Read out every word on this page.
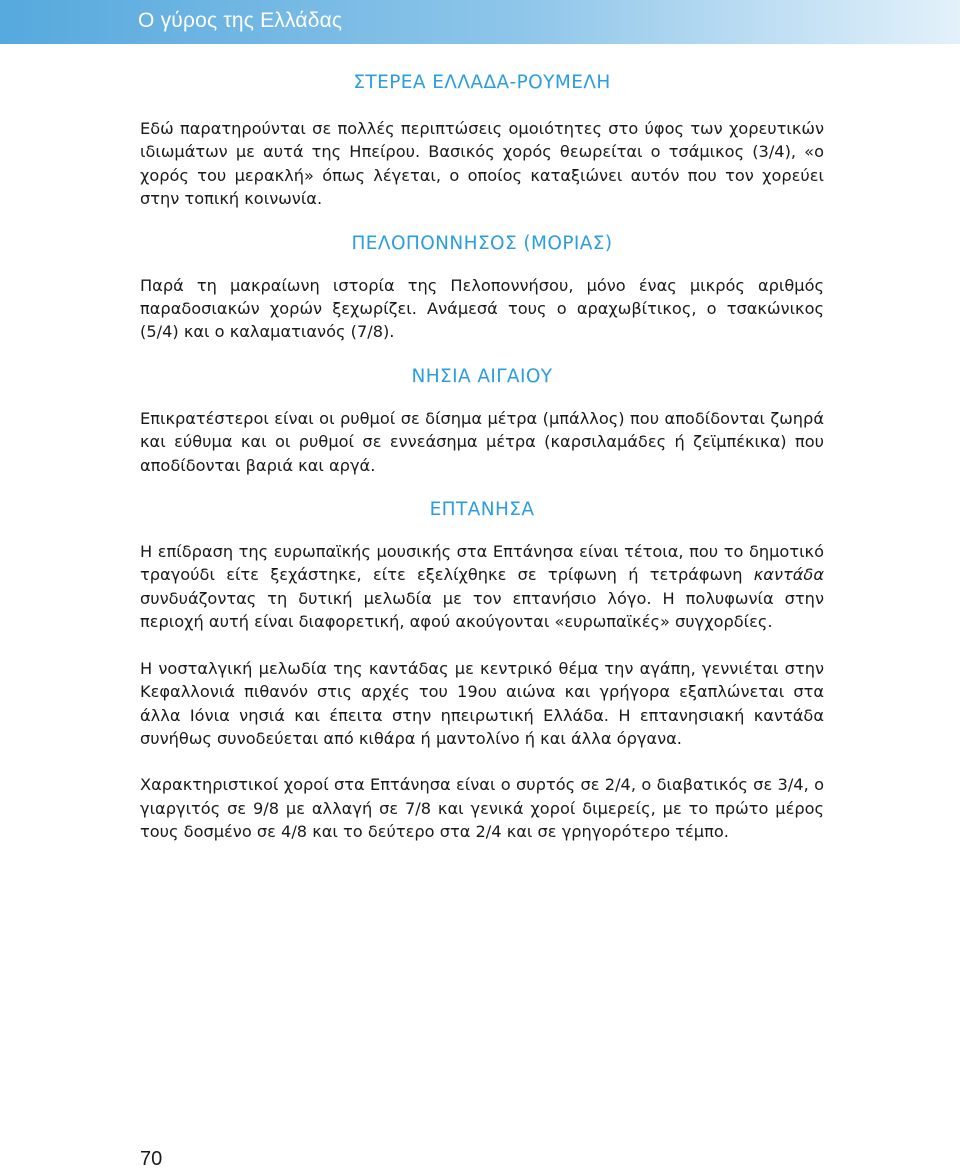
Ο γύρος της Ελλάδας
ΣΤΕΡΕΑ ΕΛΛΑΔΑ-ΡΟΥΜΕΛΗ

Εδώ παρατηρούνται σε πολλές περιπτώσεις ομοιότητες στο ύφος των χορευτικών ιδιωμάτων με αυτά της Ηπείρου. Βασικός χορός θεωρείται ο τσάμικος (3/4), «ο χορός του μερακλή» όπως λέγεται, ο οποίος καταξιώνει αυτόν που τον χορεύει στην τοπική κοινωνία.

ΠΕΛΟΠΟΝΝΗΣΟΣ (ΜΟΡΙΑΣ)

Παρά τη μακραίωνη ιστορία της Πελοποννήσου, μόνο ένας μικρός αριθμός παραδοσιακών χορών ξεχωρίζει. Ανάμεσά τους ο αραχωβίτικος, ο τσακώνικος (5/4) και ο καλαματιανός (7/8).

ΝΗΣΙΑ ΑΙΓΑΙΟΥ

Επικρατέστεροι είναι οι ρυθμοί σε δίσημα μέτρα (μπάλλος) που αποδίδονται ζωηρά και εύθυμα και οι ρυθμοί σε εννεάσημα μέτρα (καρσιλαμάδες ή ζεϊμπέκικα) που αποδίδονται βαριά και αργά.

ΕΠΤΑΝΗΣΑ

Η επίδραση της ευρωπαϊκής μουσικής στα Επτάνησα είναι τέτοια, που το δημοτικό τραγούδι είτε ξεχάστηκε, είτε εξελίχθηκε σε τρίφωνη ή τετράφωνη καντάδα συνδυάζοντας τη δυτική μελωδία με τον επτανήσιο λόγο. Η πολυφωνία στην περιοχή αυτή είναι διαφορετική, αφού ακούγονται «ευρωπαϊκές» συγχορδίες.

Η νοσταλγική μελωδία της καντάδας με κεντρικό θέμα την αγάπη, γεννιέται στην Κεφαλλονιά πιθανόν στις αρχές του 19ου αιώνα και γρήγορα εξαπλώνεται στα άλλα Ιόνια νησιά και έπειτα στην ηπειρωτική Ελλάδα. Η επτανησιακή καντάδα συνήθως συνοδεύεται από κιθάρα ή μαντολίνο ή και άλλα όργανα.

Χαρακτηριστικοί χοροί στα Επτάνησα είναι ο συρτός σε 2/4, ο διαβατικός σε 3/4, ο γιαργιτός σε 9/8 με αλλαγή σε 7/8 και γενικά χοροί διμερείς, με το πρώτο μέρος τους δοσμένο σε 4/8 και το δεύτερο στα 2/4 και σε γρηγορότερο τέμπο.

70
